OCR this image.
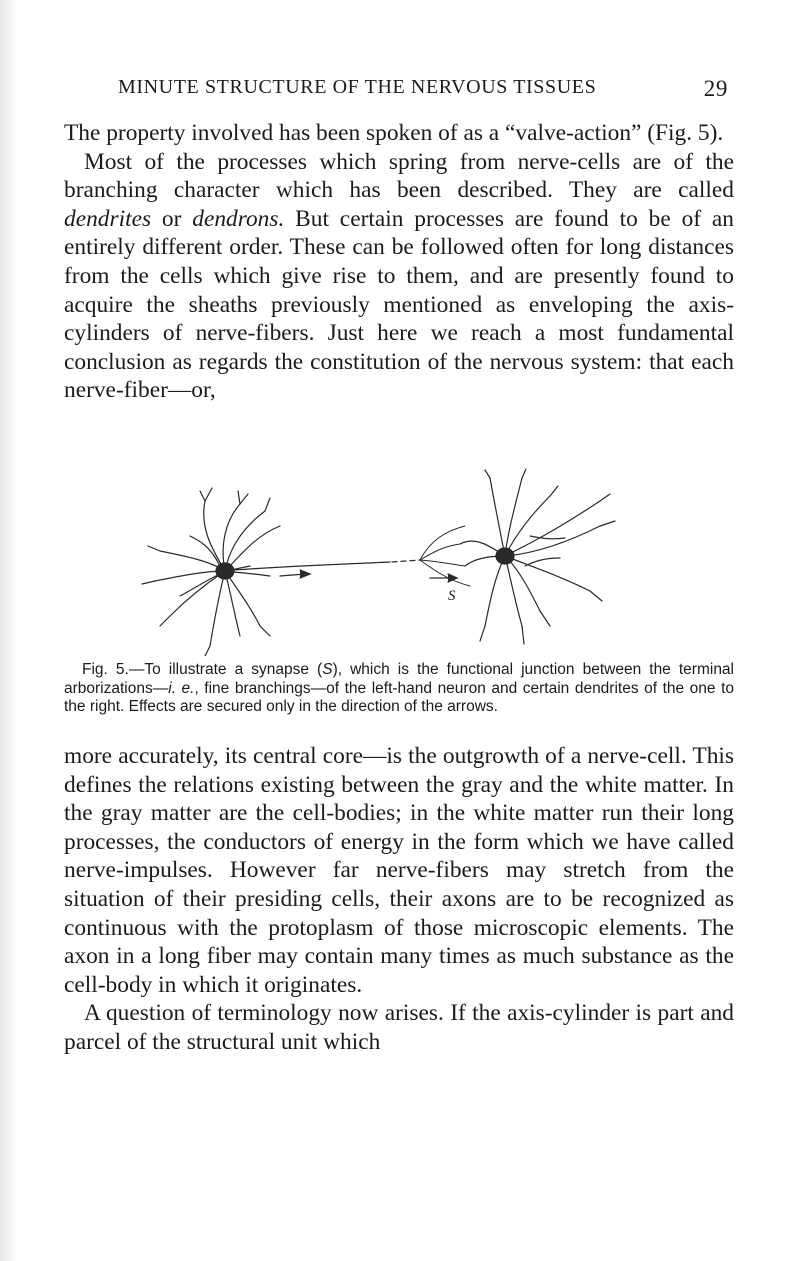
MINUTE STRUCTURE OF THE NERVOUS TISSUES	29

The property involved has been spoken of as a “valve-action” (Fig. 5).

Most of the processes which spring from nerve-cells are of the branching character which has been described. They are called dendrites or dendrons. But certain processes are found to be of an entirely different order. These can be followed often for long distances from the cells which give rise to them, and are presently found to acquire the sheaths previously mentioned as enveloping the axis-cylinders of nerve-fibers. Just here we reach a most fundamental conclusion as regards the constitution of the nervous system: that each nerve-fiber—or,

S
Fig. 5.—To illustrate a synapse (S), which is the functional junction between the terminal arborizations—i. e., fine branchings—of the left-hand neuron and certain dendrites of the one to the right. Effects are secured only in the direction of the arrows.

more accurately, its central core—is the outgrowth of a nerve-cell. This defines the relations existing between the gray and the white matter. In the gray matter are the cell-bodies; in the white matter run their long processes, the conductors of energy in the form which we have called nerve-impulses. However far nerve-fibers may stretch from the situation of their presiding cells, their axons are to be recognized as continuous with the protoplasm of those microscopic elements. The axon in a long fiber may contain many times as much substance as the cell-body in which it originates.

A question of terminology now arises. If the axis-cylinder is part and parcel of the structural unit which
